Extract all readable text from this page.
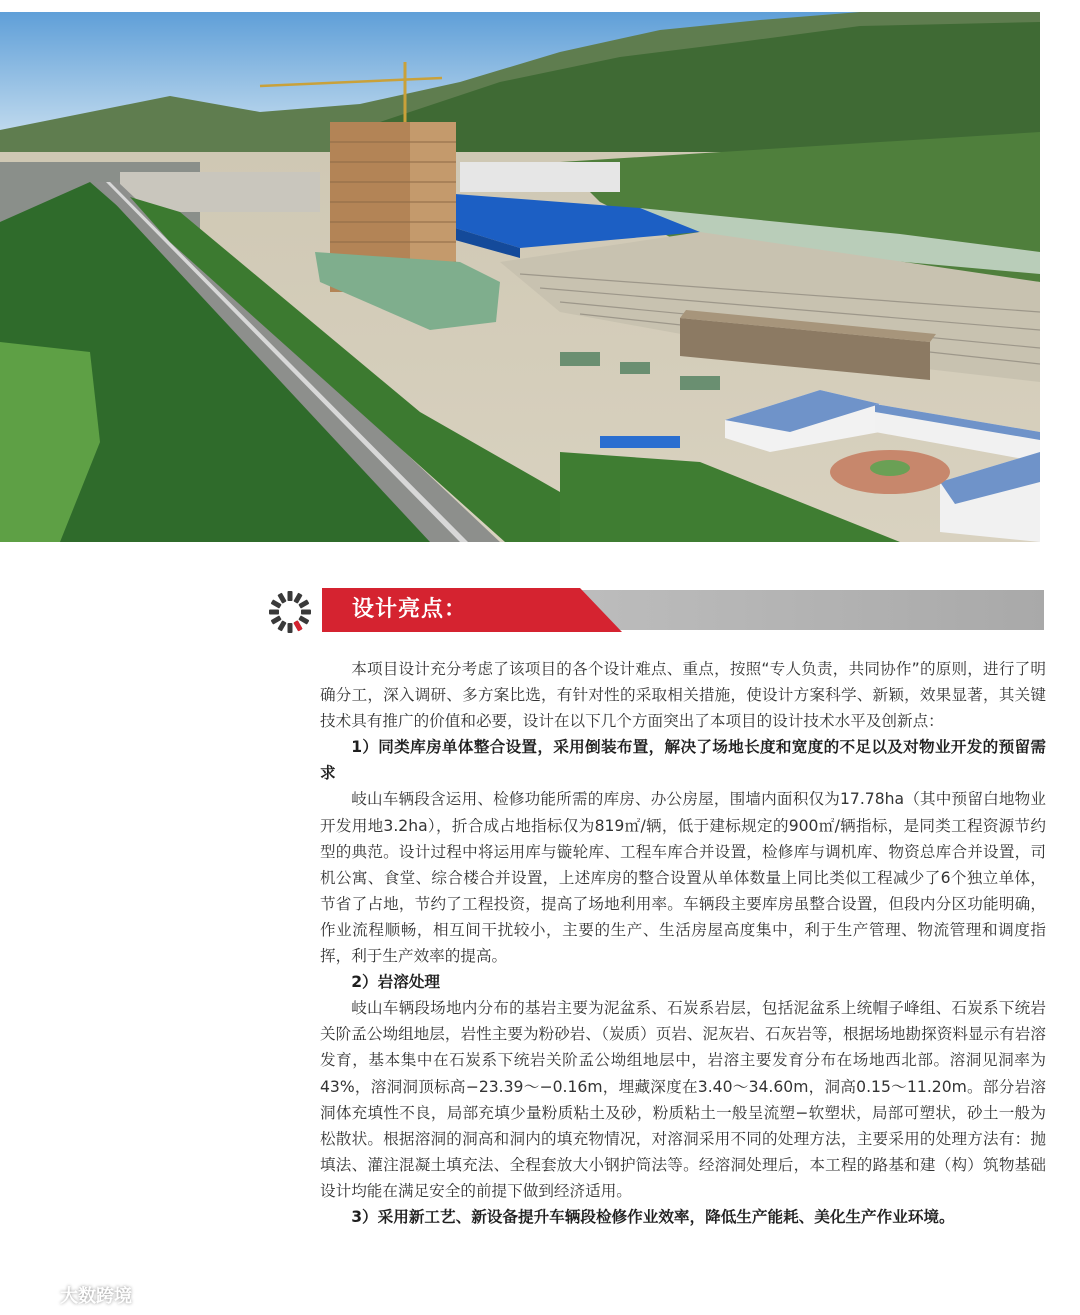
设计亮点：

本项目设计充分考虑了该项目的各个设计难点、重点，按照“专人负责，共同协作”的原则，进行了明确分工，深入调研、多方案比选，有针对性的采取相关措施，使设计方案科学、新颖，效果显著，其关键技术具有推广的价值和必要，设计在以下几个方面突出了本项目的设计技术水平及创新点：

1）同类库房单体整合设置，采用倒装布置，解决了场地长度和宽度的不足以及对物业开发的预留需求

岐山车辆段含运用、检修功能所需的库房、办公房屋，围墙内面积仅为17.78ha（其中预留白地物业开发用地3.2ha），折合成占地指标仅为819㎡/辆，低于建标规定的900㎡/辆指标，是同类工程资源节约型的典范。设计过程中将运用库与镟轮库、工程车库合并设置，检修库与调机库、物资总库合并设置，司机公寓、食堂、综合楼合并设置，上述库房的整合设置从单体数量上同比类似工程减少了6个独立单体，节省了占地，节约了工程投资，提高了场地利用率。车辆段主要库房虽整合设置，但段内分区功能明确，作业流程顺畅，相互间干扰较小，主要的生产、生活房屋高度集中，利于生产管理、物流管理和调度指挥，利于生产效率的提高。

2）岩溶处理

岐山车辆段场地内分布的基岩主要为泥盆系、石炭系岩层，包括泥盆系上统帽子峰组、石炭系下统岩关阶孟公坳组地层，岩性主要为粉砂岩、（炭质）页岩、泥灰岩、石灰岩等，根据场地勘探资料显示有岩溶发育，基本集中在石炭系下统岩关阶孟公坳组地层中，岩溶主要发育分布在场地西北部。溶洞见洞率为43%，溶洞洞顶标高−23.39～−0.16m，埋藏深度在3.40～34.60m，洞高0.15～11.20m。部分岩溶洞体充填性不良，局部充填少量粉质粘土及砂，粉质粘土一般呈流塑−软塑状，局部可塑状，砂土一般为松散状。根据溶洞的洞高和洞内的填充物情况，对溶洞采用不同的处理方法，主要采用的处理方法有：抛填法、灌注混凝土填充法、全程套放大小钢护筒法等。经溶洞处理后，本工程的路基和建（构）筑物基础设计均能在满足安全的前提下做到经济适用。

3）采用新工艺、新设备提升车辆段检修作业效率，降低生产能耗、美化生产作业环境。

大数跨境
